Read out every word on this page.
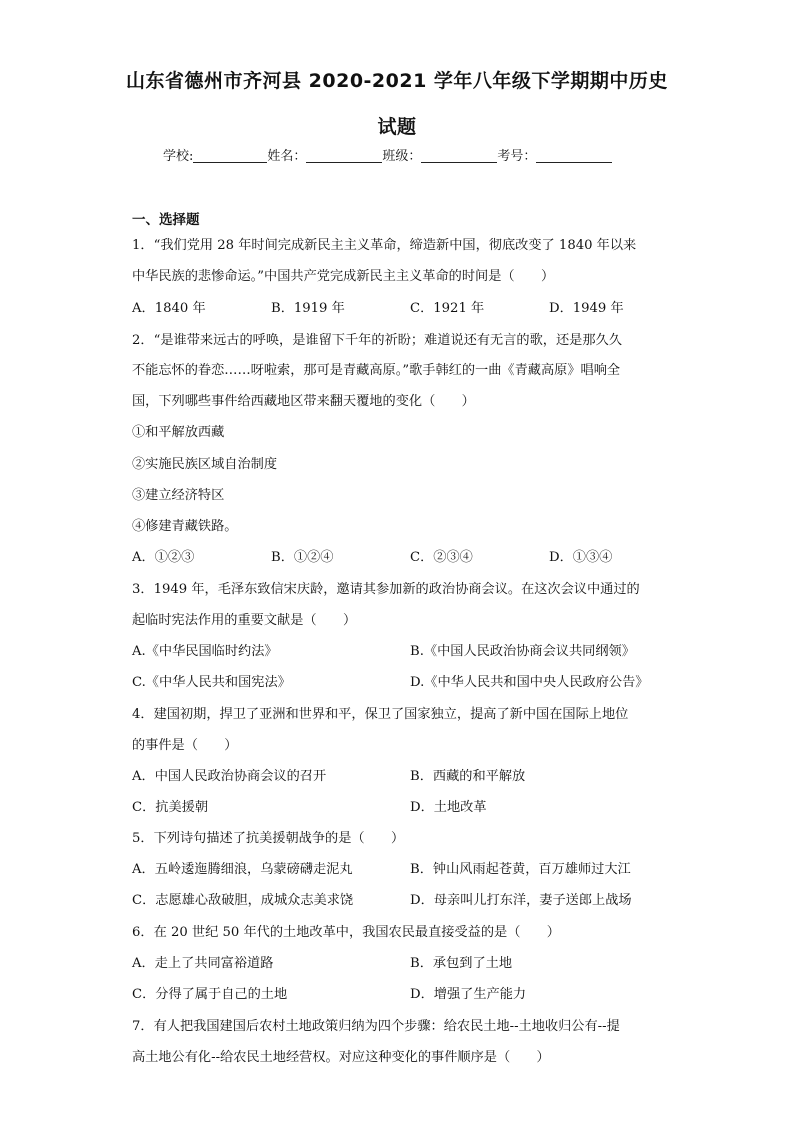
山东省德州市齐河县 2020-2021 学年八年级下学期期中历史
试题
学校:	姓名：	班级：	考号：
一、选择题
1．“我们党用 28 年时间完成新民主主义革命，缔造新中国，彻底改变了 1840 年以来
中华民族的悲惨命运。”中国共产党完成新民主主义革命的时间是（　　）
A．1840 年	B．1919 年	C．1921 年	D．1949 年
2．“是谁带来远古的呼唤，是谁留下千年的祈盼；难道说还有无言的歌，还是那久久
不能忘怀的眷恋……呀啦索，那可是青藏高原。”歌手韩红的一曲《青藏高原》唱响全
国，下列哪些事件给西藏地区带来翻天覆地的变化（　　）
①和平解放西藏
②实施民族区域自治制度
③建立经济特区
④修建青藏铁路。
A．①②③	B．①②④	C．②③④	D．①③④
3．1949 年，毛泽东致信宋庆龄，邀请其参加新的政治协商会议。在这次会议中通过的
起临时宪法作用的重要文献是（　　）
A.《中华民国临时约法》	B.《中国人民政治协商会议共同纲领》
C.《中华人民共和国宪法》	D.《中华人民共和国中央人民政府公告》
4．建国初期，捍卫了亚洲和世界和平，保卫了国家独立，提高了新中国在国际上地位
的事件是（　　）
A．中国人民政治协商会议的召开	B．西藏的和平解放
C．抗美援朝	D．土地改革
5．下列诗句描述了抗美援朝战争的是（　　）
A．五岭逶迤腾细浪，乌蒙磅礴走泥丸	B．钟山风雨起苍黄，百万雄师过大江
C．志愿雄心敌破胆，成城众志美求饶	D．母亲叫儿打东洋，妻子送郎上战场
6．在 20 世纪 50 年代的土地改革中，我国农民最直接受益的是（　　）
A．走上了共同富裕道路	B．承包到了土地
C．分得了属于自己的土地	D．增强了生产能力
7．有人把我国建国后农村土地政策归纳为四个步骤：给农民土地--土地收归公有--提
高土地公有化--给农民土地经营权。对应这种变化的事件顺序是（　　）
